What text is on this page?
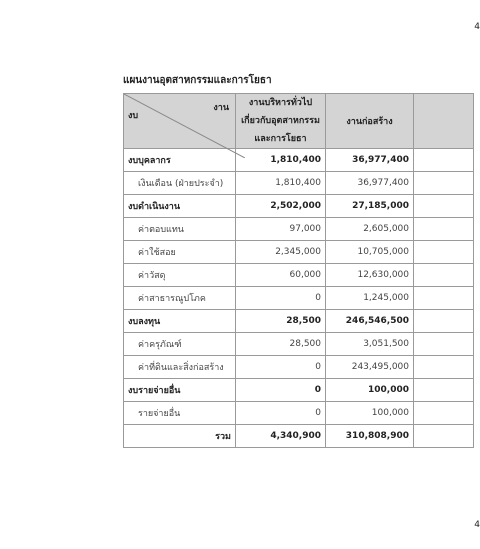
4
แผนงานอุตสาหกรรมและการโยธา
งาน
งบ	งานบริหารทั่วไปเกี่ยวกับอุตสาหกรรมและการโยธา	งานก่อสร้าง	
งบบุคลากร	1,810,400	36,977,400	
เงินเดือน (ฝ่ายประจำ)	1,810,400	36,977,400	
งบดำเนินงาน	2,502,000	27,185,000	
ค่าตอบแทน	97,000	2,605,000	
ค่าใช้สอย	2,345,000	10,705,000	
ค่าวัสดุ	60,000	12,630,000	
ค่าสาธารณูปโภค	0	1,245,000	
งบลงทุน	28,500	246,546,500	
ค่าครุภัณฑ์	28,500	3,051,500	
ค่าที่ดินและสิ่งก่อสร้าง	0	243,495,000	
งบรายจ่ายอื่น	0	100,000	
รายจ่ายอื่น	0	100,000	
รวม	4,340,900	310,808,900	
4
